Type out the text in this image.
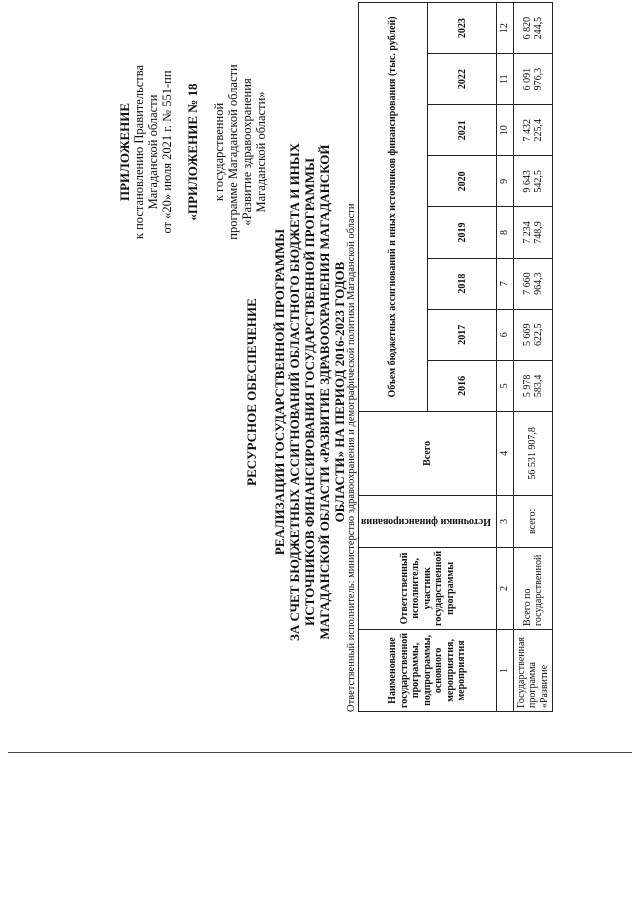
ПРИЛОЖЕНИЕ к постановлению Правительства Магаданской области от «20» июля 2021 г. № 551-пп «ПРИЛОЖЕНИЕ № 18 к государственной программе Магаданской области «Развитие здравоохранения Магаданской области»
РЕСУРСНОЕ ОБЕСПЕЧЕНИЕ РЕАЛИЗАЦИИ ГОСУДАРСТВЕННОЙ ПРОГРАММЫ ЗА СЧЕТ БЮДЖЕТНЫХ АССИГНОВАНИЙ ОБЛАСТНОГО БЮДЖЕТА И ИНЫХ ИСТОЧНИКОВ ФИНАНСИРОВАНИЯ ГОСУДАРСТВЕННОЙ ПРОГРАММЫ МАГАДАНСКОЙ ОБЛАСТИ «РАЗВИТИЕ ЗДРАВООХРАНЕНИЯ МАГАДАНСКОЙ ОБЛАСТИ» НА ПЕРИОД 2016-2023 ГОДОВ Ответственный исполнитель: министерство здравоохранения и демографической политики Магаданской области	Наименование государственной программы, подпрограммы, основного мероприятия, мероприятия	Ответственный исполнитель, участник государственной программы	Источники финансирования	Всего	Объем бюджетных ассигнований и иных источников финансирования (тыс. рублей)							
				2016	2017	2018	2019	2020	2021	2022	2023
1	2	3	4	5	6	7	8	9	10	11	12
Государственная программа «Развитие	Всего по государственной	всего:	56 531 907,8	5 978 583,4	5 669 622,5	7 660 964,3	7 234 748,9	9 643 542,5	7 432 225,4	6 091 976,3	6 820 244,5
